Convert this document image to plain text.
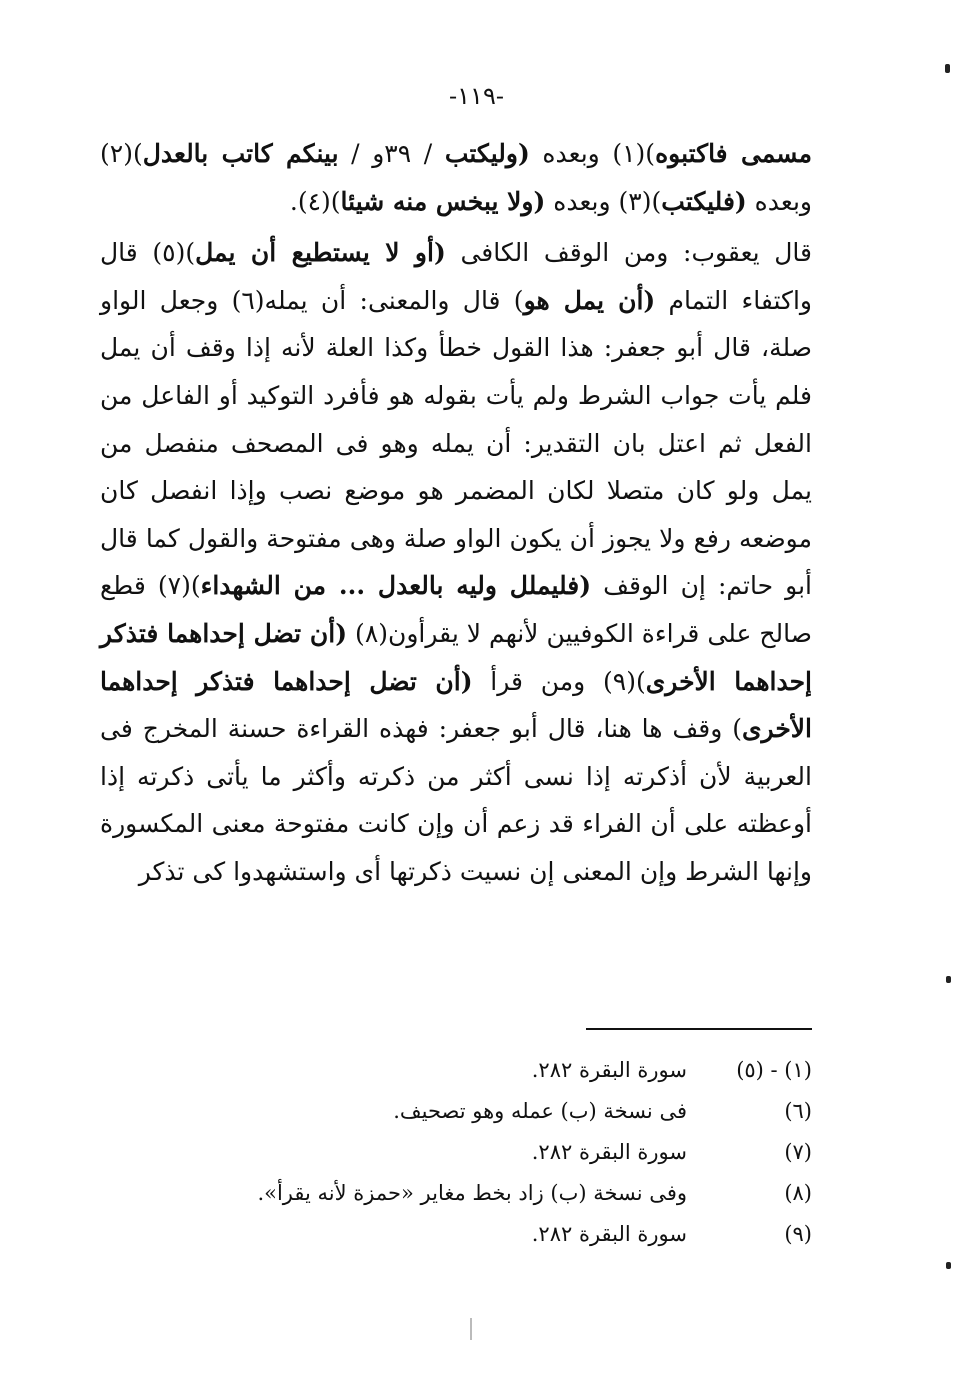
-١١٩-

مسمى فاكتبوه)(١) وبعده (وليكتب / ٣٩و / بينكم كاتب بالعدل)(٢) وبعده (فليكتب)(٣) وبعده (ولا يبخس منه شيئا)(٤).

قال يعقوب: ومن الوقف الكافى (أو لا يستطيع أن يمل)(٥) قال واكتفاء التمام (أن يمل هو) قال والمعنى: أن يمله(٦) وجعل الواو صلة، قال أبو جعفر: هذا القول خطأ وكذا العلة لأنه إذا وقف أن يمل فلم يأت جواب الشرط ولم يأت بقوله هو فأفرد التوكيد أو الفاعل من الفعل ثم اعتل بان التقدير: أن يمله وهو فى المصحف منفصل من يمل ولو كان متصلا لكان المضمر هو موضع نصب وإذا انفصل كان موضعه رفع ولا يجوز أن يكون الواو صلة وهى مفتوحة والقول كما قال أبو حاتم: إن الوقف (فليملل وليه بالعدل ... من الشهداء)(٧) قطع صالح على قراءة الكوفيين لأنهم لا يقرأون(٨) (أن تضل إحداهما فتذكر إحداهما الأخرى)(٩) ومن قرأ (أن تضل إحداهما فتذكر إحداهما الأخرى) وقف ها هنا، قال أبو جعفر: فهذه القراءة حسنة المخرج فى العربية لأن أذكرته إذا نسى أكثر من ذكرته وأكثر ما يأتى ذكرته إذا أوعظته على أن الفراء قد زعم أن وإن كانت مفتوحة معنى المكسورة وإنها الشرط وإن المعنى إن نسيت ذكرتها أى واستشهدوا كى تذكر

(١) - (٥)
سورة البقرة ٢٨٢.
(٦)
فى نسخة (ب) عمله وهو تصحيف.
(٧)
سورة البقرة ٢٨٢.
(٨)
وفى نسخة (ب) زاد بخط مغاير «حمزة لأنه يقرأ».
(٩)
سورة البقرة ٢٨٢.
